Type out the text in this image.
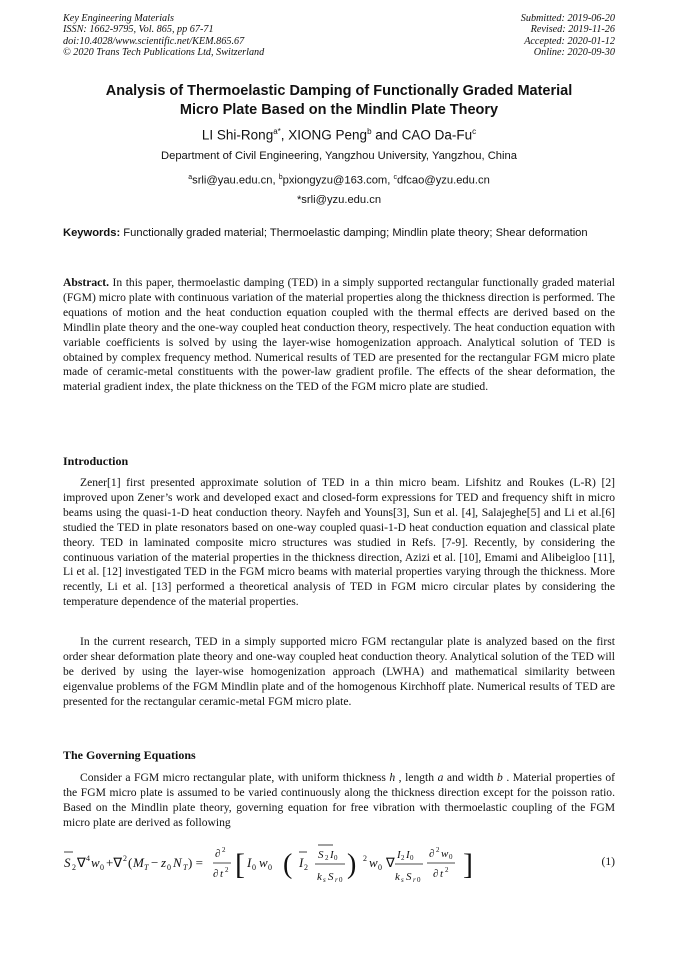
Key Engineering Materials
ISSN: 1662-9795, Vol. 865, pp 67-71
doi:10.4028/www.scientific.net/KEM.865.67
© 2020 Trans Tech Publications Ltd, Switzerland
Submitted: 2019-06-20
Revised: 2019-11-26
Accepted: 2020-01-12
Online: 2020-09-30
Analysis of Thermoelastic Damping of Functionally Graded Material
Micro Plate Based on the Mindlin Plate Theory
LI Shi-Rong$^{a*}$, XIONG Peng$^b$ and CAO Da-Fu$^c$
Department of Civil Engineering, Yangzhou University, Yangzhou, China
$^a$srli@yau.edu.cn, $^b$pxiongyzu@163.com, $^c$dfcao@yzu.edu.cn
*srli@yzu.edu.cn
Keywords: Functionally graded material; Thermoelastic damping; Mindlin plate theory; Shear deformation
Abstract. In this paper, thermoelastic damping (TED) in a simply supported rectangular functionally graded material (FGM) micro plate with continuous variation of the material properties along the thickness direction is performed. The equations of motion and the heat conduction equation coupled with the thermal effects are derived based on the Mindlin plate theory and the one-way coupled heat conduction theory, respectively. The heat conduction equation with variable coefficients is solved by using the layer-wise homogenization approach. Analytical solution of TED is obtained by complex frequency method. Numerical results of TED are presented for the rectangular FGM micro plate made of ceramic-metal constituents with the power-law gradient profile. The effects of the shear deformation, the material gradient index, the plate thickness on the TED of the FGM micro plate are studied.
Introduction
Zener[1] first presented approximate solution of TED in a thin micro beam. Lifshitz and Roukes (L-R) [2] improved upon Zener’s work and developed exact and closed-form expressions for TED and frequency shift in micro beams using the quasi-1-D heat conduction theory. Nayfeh and Youns[3], Sun et al. [4], Salajeghe[5] and Li et al.[6] studied the TED in plate resonators based on one-way coupled quasi-1-D heat conduction equation and classical plate theory. TED in laminated composite micro structures was studied in Refs. [7-9]. Recently, by considering the continuous variation of the material properties in the thickness direction, Azizi et al. [10], Emami and Alibeigloo [11], Li et al. [12] investigated TED in the FGM micro beams with material properties varying through the thickness. More recently, Li et al. [13] performed a theoretical analysis of TED in FGM micro circular plates by considering the temperature dependence of the material properties.
In the current research, TED in a simply supported micro FGM rectangular plate is analyzed based on the first order shear deformation plate theory and one-way coupled heat conduction theory. Analytical solution of the TED will be derived by using the layer-wise homogenization approach (LWHA) and mathematical similarity between eigenvalue problems of the FGM Mindlin plate and of the homogenous Kirchhoff plate. Numerical results of TED are presented for the rectangular ceramic-metal FGM micro plate.
The Governing Equations
Consider a FGM micro rectangular plate, with uniform thickness h , length a and width b . Material properties of the FGM micro plate is assumed to be varied continuously along the thickness direction except for the poisson ratio. Based on the Mindlin plate theory, governing equation for free vibration with thermoelastic coupling of the FGM micro plate are derived as following
S 2 ∇ 4 w 0 +∇ 2 ( M T − z 0 N T ) =
∂ 2
∂ t 2 [ I 0 w 0 ( I 2
S 2 I 0
k s S r 0 ) 2 w 0 ∇ I 2 I 0
k s S r 0
∂ 2 w 0
∂ t 2 ]	(1)
